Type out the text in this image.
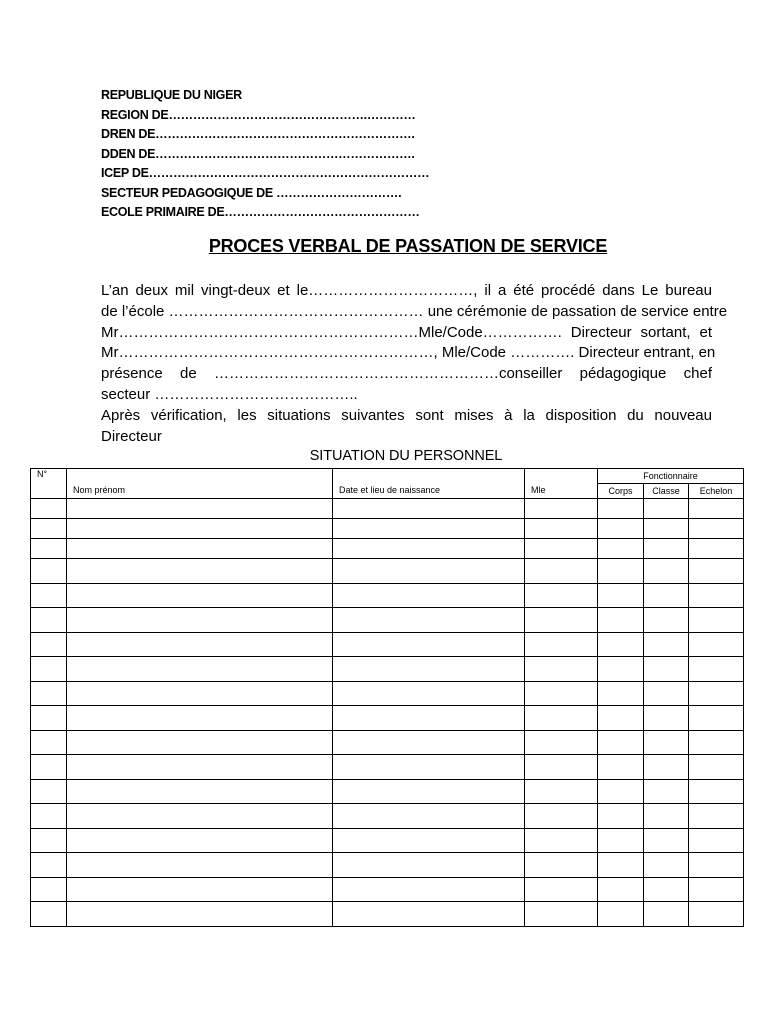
REPUBLIQUE DU NIGER
REGION DE………………………………………….…………
DREN DE……………………………………………………….
DDEN DE……………………………………………………….
ICEP DE……………………………………………………………
SECTEUR PEDAGOGIQUE DE ………………………….
ECOLE PRIMAIRE DE…………………………………………
PROCES VERBAL DE PASSATION DE SERVICE
L’an deux mil vingt-deux et le……………………………, il a été procédé dans Le bureau
de l’école …………………………………………… une cérémonie de passation de service entre
Mr……………………………………………………Mle/Code……………. Directeur sortant, et
Mr………………………………………………………, Mle/Code …………. Directeur entrant, en
présence de …………………………………………………conseiller pédagogique chef
secteur …………………………………..
Après vérification, les situations suivantes sont mises à la disposition du nouveau
Directeur
SITUATION DU PERSONNEL
N°	Nom prénom	Date et lieu de naissance	Mle	Fonctionnaire		
				Corps	Classe	Echelon
